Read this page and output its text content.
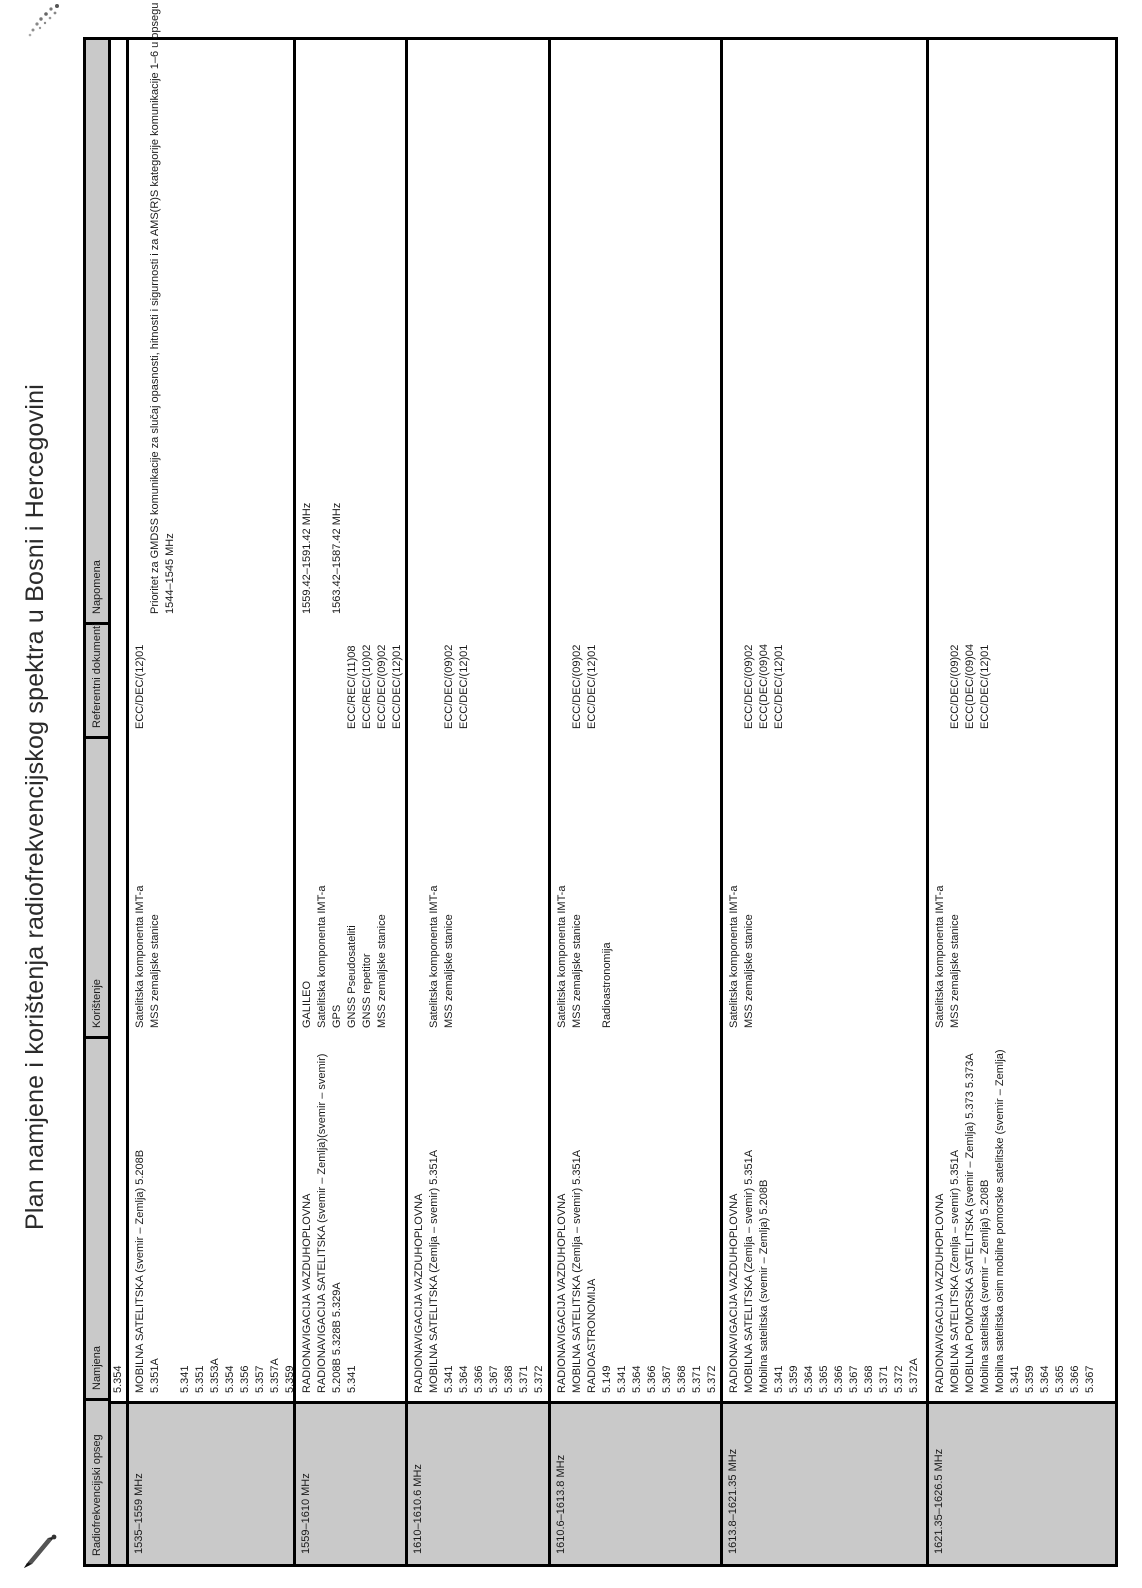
Plan namjene i korištenja radiofrekvencijskog spektra u Bosni i Hercegovini
Radiofrekvencijski opseg
Namjena
Korištenje
Referentni dokumenti
Napomena
5.354
1535–1559 MHz
MOBILNA SATELITSKA (svemir – Zemlja) 5.208B 5.351A 5.341 5.351 5.353A 5.354 5.356 5.357 5.357A 5.359
Satelitska komponenta IMT-a MSS zemaljske stanice
ECC/DEC/(12)01
Prioritet za GMDSS komunikacije za slučaj opasnosti, hitnosti i sigurnosti i za AMS(R)S kategorije komunikacije 1–6 u opsegu 1544–1545 MHz
1559–1610 MHz
RADIONAVIGACIJA VAZDUHOPLOVNA RADIONAVIGACIJA SATELITSKA (svemir – Zemlja)(svemir – svemir) 5.208B 5.328B 5.329A 5.341
GALILEO Satelitska komponenta IMT-a GPS GNSS Pseudosateliti GNSS repetitor MSS zemaljske stanice
ECC/REC/(11)08 ECC/REC/(10)02 ECC/DEC/(09)02 ECC/DEC/(12)01
1559.42–1591.42 MHz 1563.42–1587.42 MHz
1610–1610.6 MHz
RADIONAVIGACIJA VAZDUHOPLOVNA MOBILNA SATELITSKA (Zemlja – svemir) 5.351A 5.341 5.364 5.366 5.367 5.368 5.371 5.372
Satelitska komponenta IMT-a MSS zemaljske stanice
ECC/DEC/(09)02 ECC/DEC/(12)01
1610.6–1613.8 MHz
RADIONAVIGACIJA VAZDUHOPLOVNA MOBILNA SATELITSKA (Zemlja – svemir) 5.351A RADIOASTRONOMIJA 5.149 5.341 5.364 5.366 5.367 5.368 5.371 5.372
Satelitska komponenta IMT-a MSS zemaljske stanice Radioastronomija
ECC/DEC/(09)02 ECC/DEC/(12)01
1613.8–1621.35 MHz
RADIONAVIGACIJA VAZDUHOPLOVNA MOBILNA SATELITSKA (Zemlja – svemir) 5.351A Mobilna satelitska (svemir – Zemlja) 5.208B 5.341 5.359 5.364 5.365 5.366 5.367 5.368 5.371 5.372 5.372A
Satelitska komponenta IMT-a MSS zemaljske stanice
ECC/DEC/(09)02 ECC(DEC/(09)04 ECC/DEC/(12)01
1621.35–1626.5 MHz
RADIONAVIGACIJA VAZDUHOPLOVNA MOBILNA SATELITSKA (Zemlja – svemir) 5.351A MOBILNA POMORSKA SATELITSKA (svemir – Zemlja) 5.373 5.373A Mobilna satelitska (svemir – Zemlja) 5.208B Mobilna satelitska osim mobilne pomorske satelitske (svemir – Zemlja) 5.341 5.359 5.364 5.365 5.366 5.367
Satelitska komponenta IMT-a MSS zemaljske stanice
ECC/DEC/(09)02 ECC(DEC/(09)04 ECC/DEC/(12)01
